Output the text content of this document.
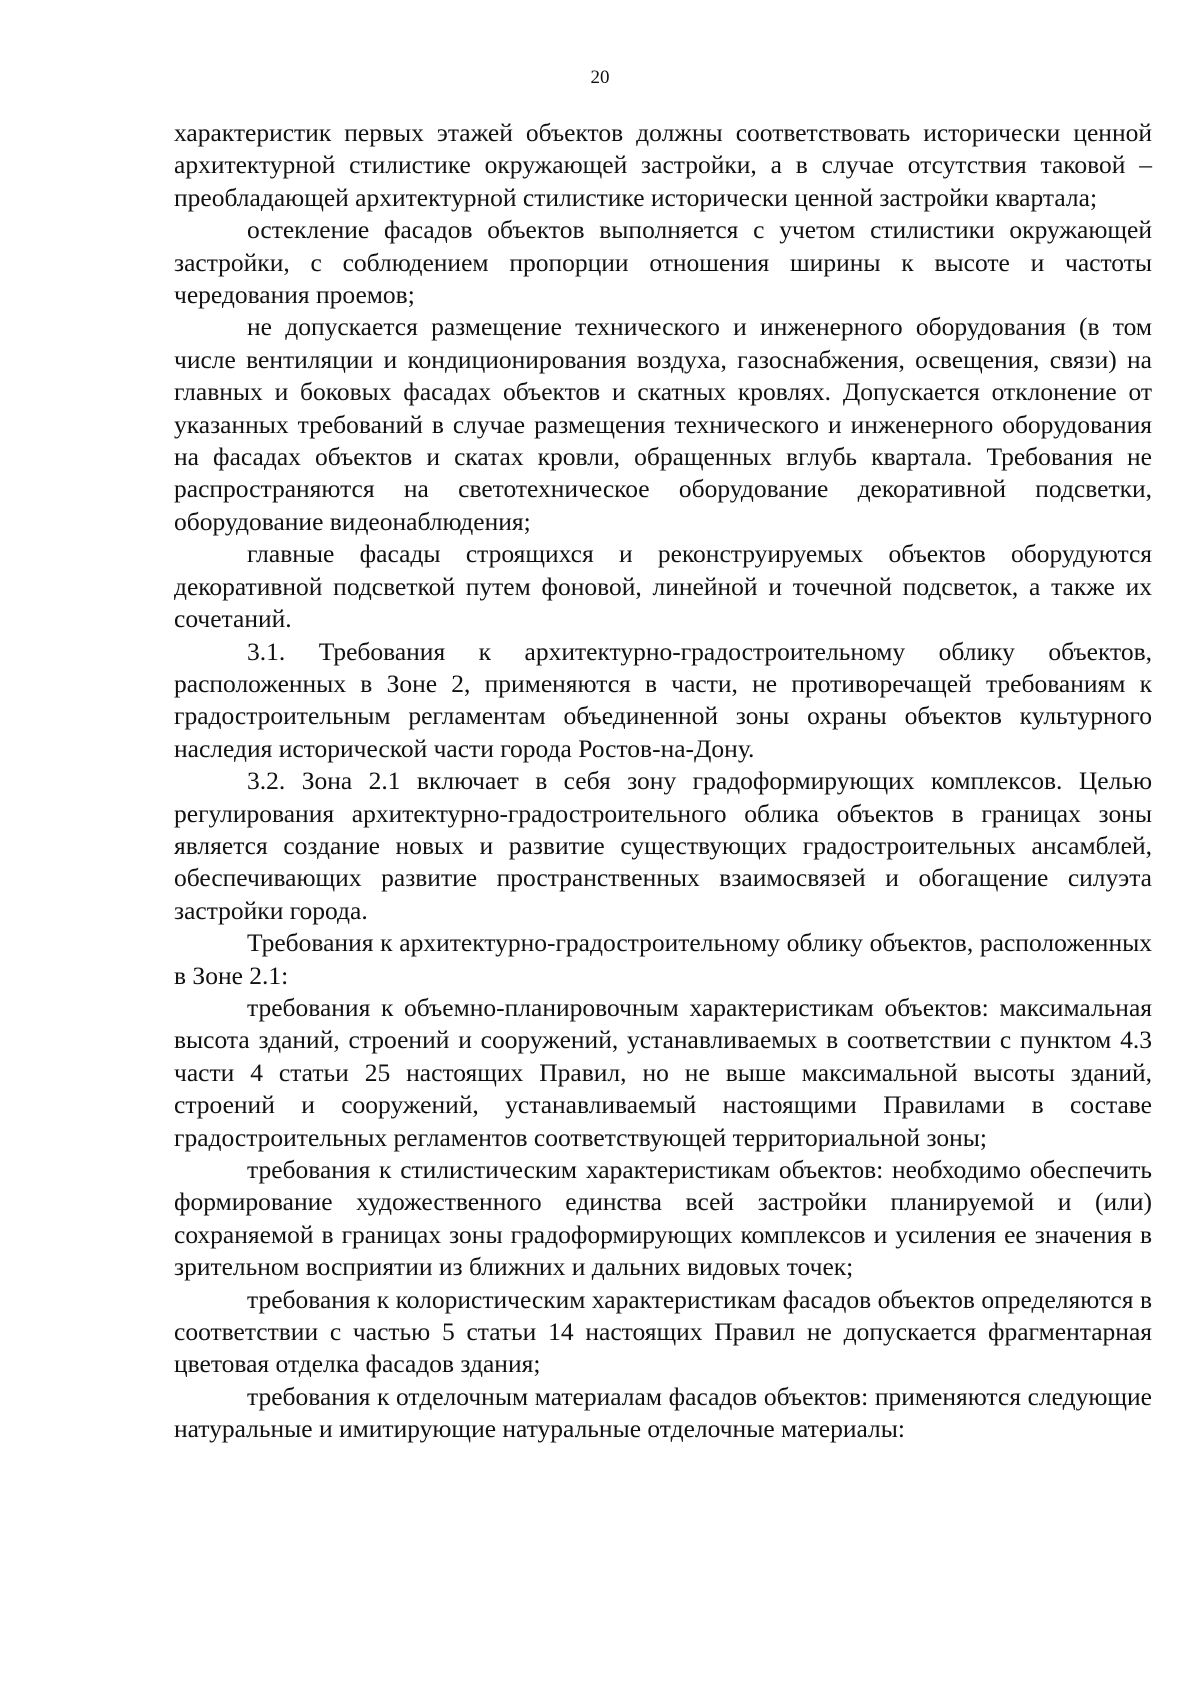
20

характеристик первых этажей объектов должны соответствовать исторически ценной архитектурной стилистике окружающей застройки, а в случае отсутствия таковой – преобладающей архитектурной стилистике исторически ценной застройки квартала;

остекление фасадов объектов выполняется с учетом стилистики окружающей застройки, с соблюдением пропорции отношения ширины к высоте и частоты чередования проемов;

не допускается размещение технического и инженерного оборудования (в том числе вентиляции и кондиционирования воздуха, газоснабжения, освещения, связи) на главных и боковых фасадах объектов и скатных кровлях. Допускается отклонение от указанных требований в случае размещения технического и инженерного оборудования на фасадах объектов и скатах кровли, обращенных вглубь квартала. Требования не распространяются на светотехническое оборудование декоративной подсветки, оборудование видеонаблюдения;

главные фасады строящихся и реконструируемых объектов оборудуются декоративной подсветкой путем фоновой, линейной и точечной подсветок, а также их сочетаний.

3.1. Требования к архитектурно-градостроительному облику объектов, расположенных в Зоне 2, применяются в части, не противоречащей требованиям к градостроительным регламентам объединенной зоны охраны объектов культурного наследия исторической части города Ростов-на-Дону.

3.2. Зона 2.1 включает в себя зону градоформирующих комплексов. Целью регулирования архитектурно-градостроительного облика объектов в границах зоны является создание новых и развитие существующих градостроительных ансамблей, обеспечивающих развитие пространственных взаимосвязей и обогащение силуэта застройки города.

Требования к архитектурно-градостроительному облику объектов, расположенных в Зоне 2.1:

требования к объемно-планировочным характеристикам объектов: максимальная высота зданий, строений и сооружений, устанавливаемых в соответствии с пунктом 4.3 части 4 статьи 25 настоящих Правил, но не выше максимальной высоты зданий, строений и сооружений, устанавливаемый настоящими Правилами в составе градостроительных регламентов соответствующей территориальной зоны;

требования к стилистическим характеристикам объектов: необходимо обеспечить формирование художественного единства всей застройки планируемой и (или) сохраняемой в границах зоны градоформирующих комплексов и усиления ее значения в зрительном восприятии из ближних и дальних видовых точек;

требования к колористическим характеристикам фасадов объектов определяются в соответствии с частью 5 статьи 14 настоящих Правил не допускается фрагментарная цветовая отделка фасадов здания;

требования к отделочным материалам фасадов объектов: применяются следующие натуральные и имитирующие натуральные отделочные материалы:
